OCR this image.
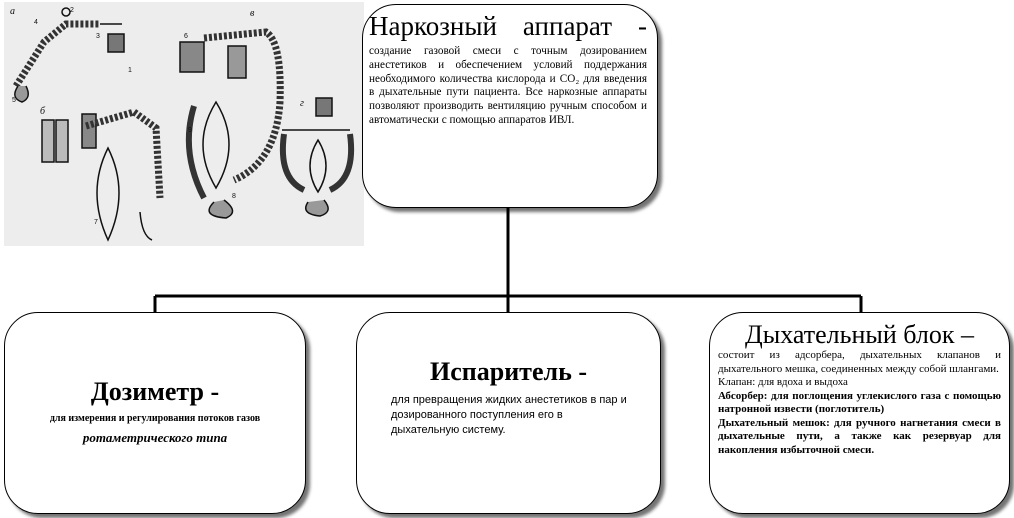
а
б
в
г
1
2
3
4
5
6
7
8
9
Наркозный аппарат -
создание газовой смеси с точным дозированием анестетиков и обеспечением условий поддержания необходимого количества кислорода и CO₂ для введения в дыхательные пути пациента. Все наркозные аппараты позволяют производить вентиляцию ручным способом и автоматически с помощью аппаратов ИВЛ.
Дозиметр -
для измерения и регулирования потоков газов
ротаметрического типа
Испаритель -
для превращения жидких анестетиков в пар и дозированного поступления его в дыхательную систему.
Дыхательный блок –
состоит из адсорбера, дыхательных клапанов и дыхательного мешка, соединенных между собой шлангами.
Клапан: для вдоха и выдоха
Абсорбер: для поглощения углекислого газа с помощью натронной извести (поглотитель)
Дыхательный мешок: для ручного нагнетания смеси в дыхательные пути, а также как резервуар для накопления избыточной смеси.
